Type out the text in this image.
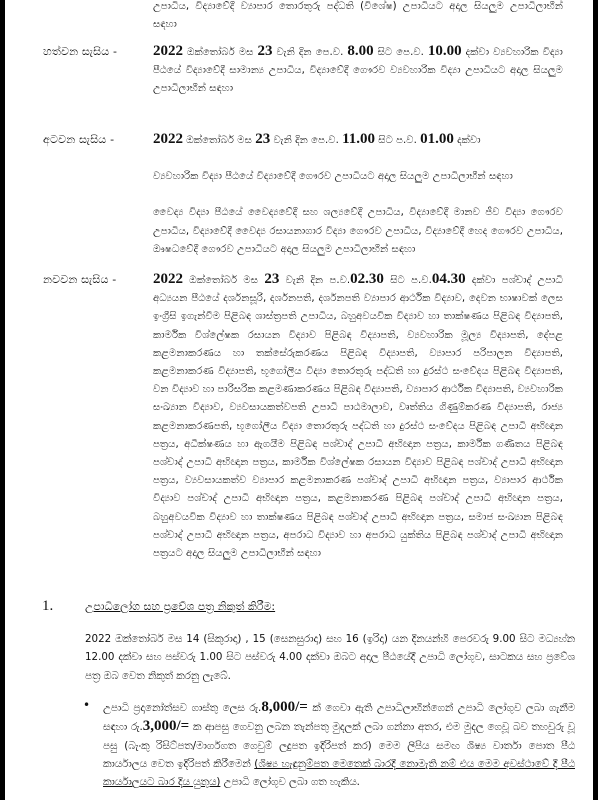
උපාධිය, විද්‍යාවේදී ව්‍යාපාර තොරතුරු පද්ධති (විශේෂ) උපාධියට අදාල සියලුම උපාධිලාභීන් සඳහා
හත්වන සැසිය -	2022 ඔක්තෝබර් මස 23 වැනි දින පෙ.ව. 8.00 සිට පෙ.ව. 10.00 දක්වා ව්‍යවහාරික විද්‍යා පීඨයේ විද්‍යාවේදී සාමාන්‍ය උපාධිය, විද්‍යාවේදී ගෞරව ව්‍යවහාරික විද්‍යා උපාධියට අදාල සියලුම උපාධිලාභීන් සඳහා

අටවන සැසිය -	2022 ඔක්තෝබර් මස 23 වැනි දින පෙ.ව. 11.00 සිට ප.ව. 01.00 දක්වා

ව්‍යවහාරික විද්‍යා පීඨයේ විද්‍යාවේදී ගෞරව උපාධියට අදාල සියලුම උපාධිලාභීන් සඳහා

වෛද්‍ය විද්‍යා පීඨයේ වෛද්‍යවේදී සහ ශල්‍යවේදී උපාධිය, විද්‍යාවේදී මානව ජීව විද්‍යා ගෞරව උපාධිය, විද්‍යාවේදී වෛද්‍ය රසායනාගාර විද්‍යා ගෞරව උපාධිය, විද්‍යාවේදී හෙද ගෞරව උපාධිය, ඖෂධවේදී ගෞරව උපාධියට අදාල සියලුම උපාධිලාභීන් සඳහා

නවවන සැසිය -	2022 ඔක්තෝබර් මස 23 වැනි දින ප.ව.02.30 සිට ප.ව.04.30 දක්වා පශ්චාද් උපාධි අධ්‍යයන පීඨයේ දර්ශනසූරි, දර්ශනපති, දර්ශනපති ව්‍යාපාර ආර්ථික විද්‍යාව, දෙවන භාෂාවක් ලෙස ඉංග්‍රීසි ඉගැන්වීම පිළිබඳ ශාස්ත්‍රපති උපාධිය, බහුඅවයවික විද්‍යාව හා තාක්ෂණය පිළිබඳ විද්‍යාපති, කාර්මික විශ්ලේෂක රසායන විද්‍යාව පිළිබඳ විද්‍යාපති, ව්‍යවහාරික මූල්‍ය විද්‍යාපති, දේපළ කළමනාකරණය හා තක්සේරුකරණය පිළිබඳ විද්‍යාපති, ව්‍යාපාර පරිපාලන විද්‍යාපති, කළමනාකරණ විද්‍යාපති, භූගෝලීය විද්‍යා තොරතුරු පද්ධති හා දුරස්ථ සංවේදය පිළිබඳ විද්‍යාපති, වන විද්‍යාව හා පාරිසරික කළමණාකරණය පිළිබඳ විද්‍යාපති, ව්‍යාපාර ආර්ථික විද්‍යාපති, ව්‍යවහාරික සංඛ්‍යාන විද්‍යාව, ව්‍යවසායකත්වපති උපාධි පාඨමාලාව, වෘත්තිය ගිණුම්කරණ විද්‍යාපති, රාජ්‍ය කළමනාකරණපති, භූගෝලීය විද්‍යා තොරතුරු පද්ධති හා දුරස්ථ සංවේදය පිළිබඳ උපාධි අභිඥාන පත්‍රය, අධීක්ෂණය හා ඇගයීම පිළිබඳ පශ්චාද් උපාධි අභිඥාන පත්‍රය, කාර්මික ගණිතය පිළිබඳ පශ්චාද් උපාධි අභිඥාන පත්‍රය, කාර්මික විශ්ලේෂක රසායන විද්‍යාව පිළිබඳ පශ්චාද් උපාධි අභිඥාන පත්‍රය, ව්‍යවසායකත්ව ව්‍යාපාර කළමනාකරණ පශ්චාද් උපාධි අභිඥාන පත්‍රය, ව්‍යාපාර ආර්ථික විද්‍යාව පශ්චාද් උපාධි අභිඥාන පත්‍රය, කළමනාකරණ පිළිබඳ පශ්චාද් උපාධි අභිඥාන පත්‍රය, බහුඅවයවික විද්‍යාව හා තාක්ෂණය පිළිබඳ පශ්චාද් උපාධි අභිඥාන පත්‍රය, සමාජ සංඛ්‍යාන පිළිබඳ පශ්චාද් උපාධි අභිඥාන පත්‍රය, අපරාධ විද්‍යාව හා අපරාධ යුක්තිය පිළිබඳ පශ්චාද් උපාධි අභිඥාන පත්‍රයට අදාල සියලුම උපාධිලාභීන් සඳහා

1.	උපාධිලෝග සහ ප්‍රවේශ පත්‍ර නිකුත් කිරීම:
2022 ඔක්තෝබර් මස 14 (සිකුරාදා) , 15 (සෙනසුරාදා) සහ 16 (ඉරිදා) යන දිනයන්හි පෙරවරු 9.00 සිට මධ්‍යහ්න 12.00 දක්වා සහ පස්වරු 1.00 සිට පස්වරු 4.00 දක්වා ඔබට අදාල පීඨයේදී උපාධි ලෝගුව, සාටකය සහ ප්‍රවේශ පත්‍ර ඔබ වෙත නිකුත් කරනු ලැබේ.
• උපාධි ප්‍රදානෝත්සව ගාස්තු ලෙස රු.8,000/= ක් ගෙවා ඇති උපාධිලාභීන්ගෙන් උපාධි ලෝගුව ලබා ගැනීම සඳහා රු.3,000/= ක ආපසු ගෙවනු ලබන තැන්පතු මුදලක් ලබා ගන්නා අතර, එම මුදල ගෙවූ බව තහවුරු වූ පසු (බැංකු රිසිට්පත/මාර්ගගත ගෙවුම් ලදුපත ඉදිරිපත් කර) මෙම ලිපිය සමඟ ශිෂ්‍ය වාර්තා පොත පීඨ කාර්යාලය වෙත ඉදිරිපත් කිරීමෙන් (ශිෂ්‍ය හැඳුනුම්පත මෙතෙක් බාරදී නොමැති නම් එය මෙම අවස්ථාවේ දී පීඨ කාර්යාලයට බාර දිය යුතුය) උපාධි ලෝගුව ලබා ගත හැකිය.
